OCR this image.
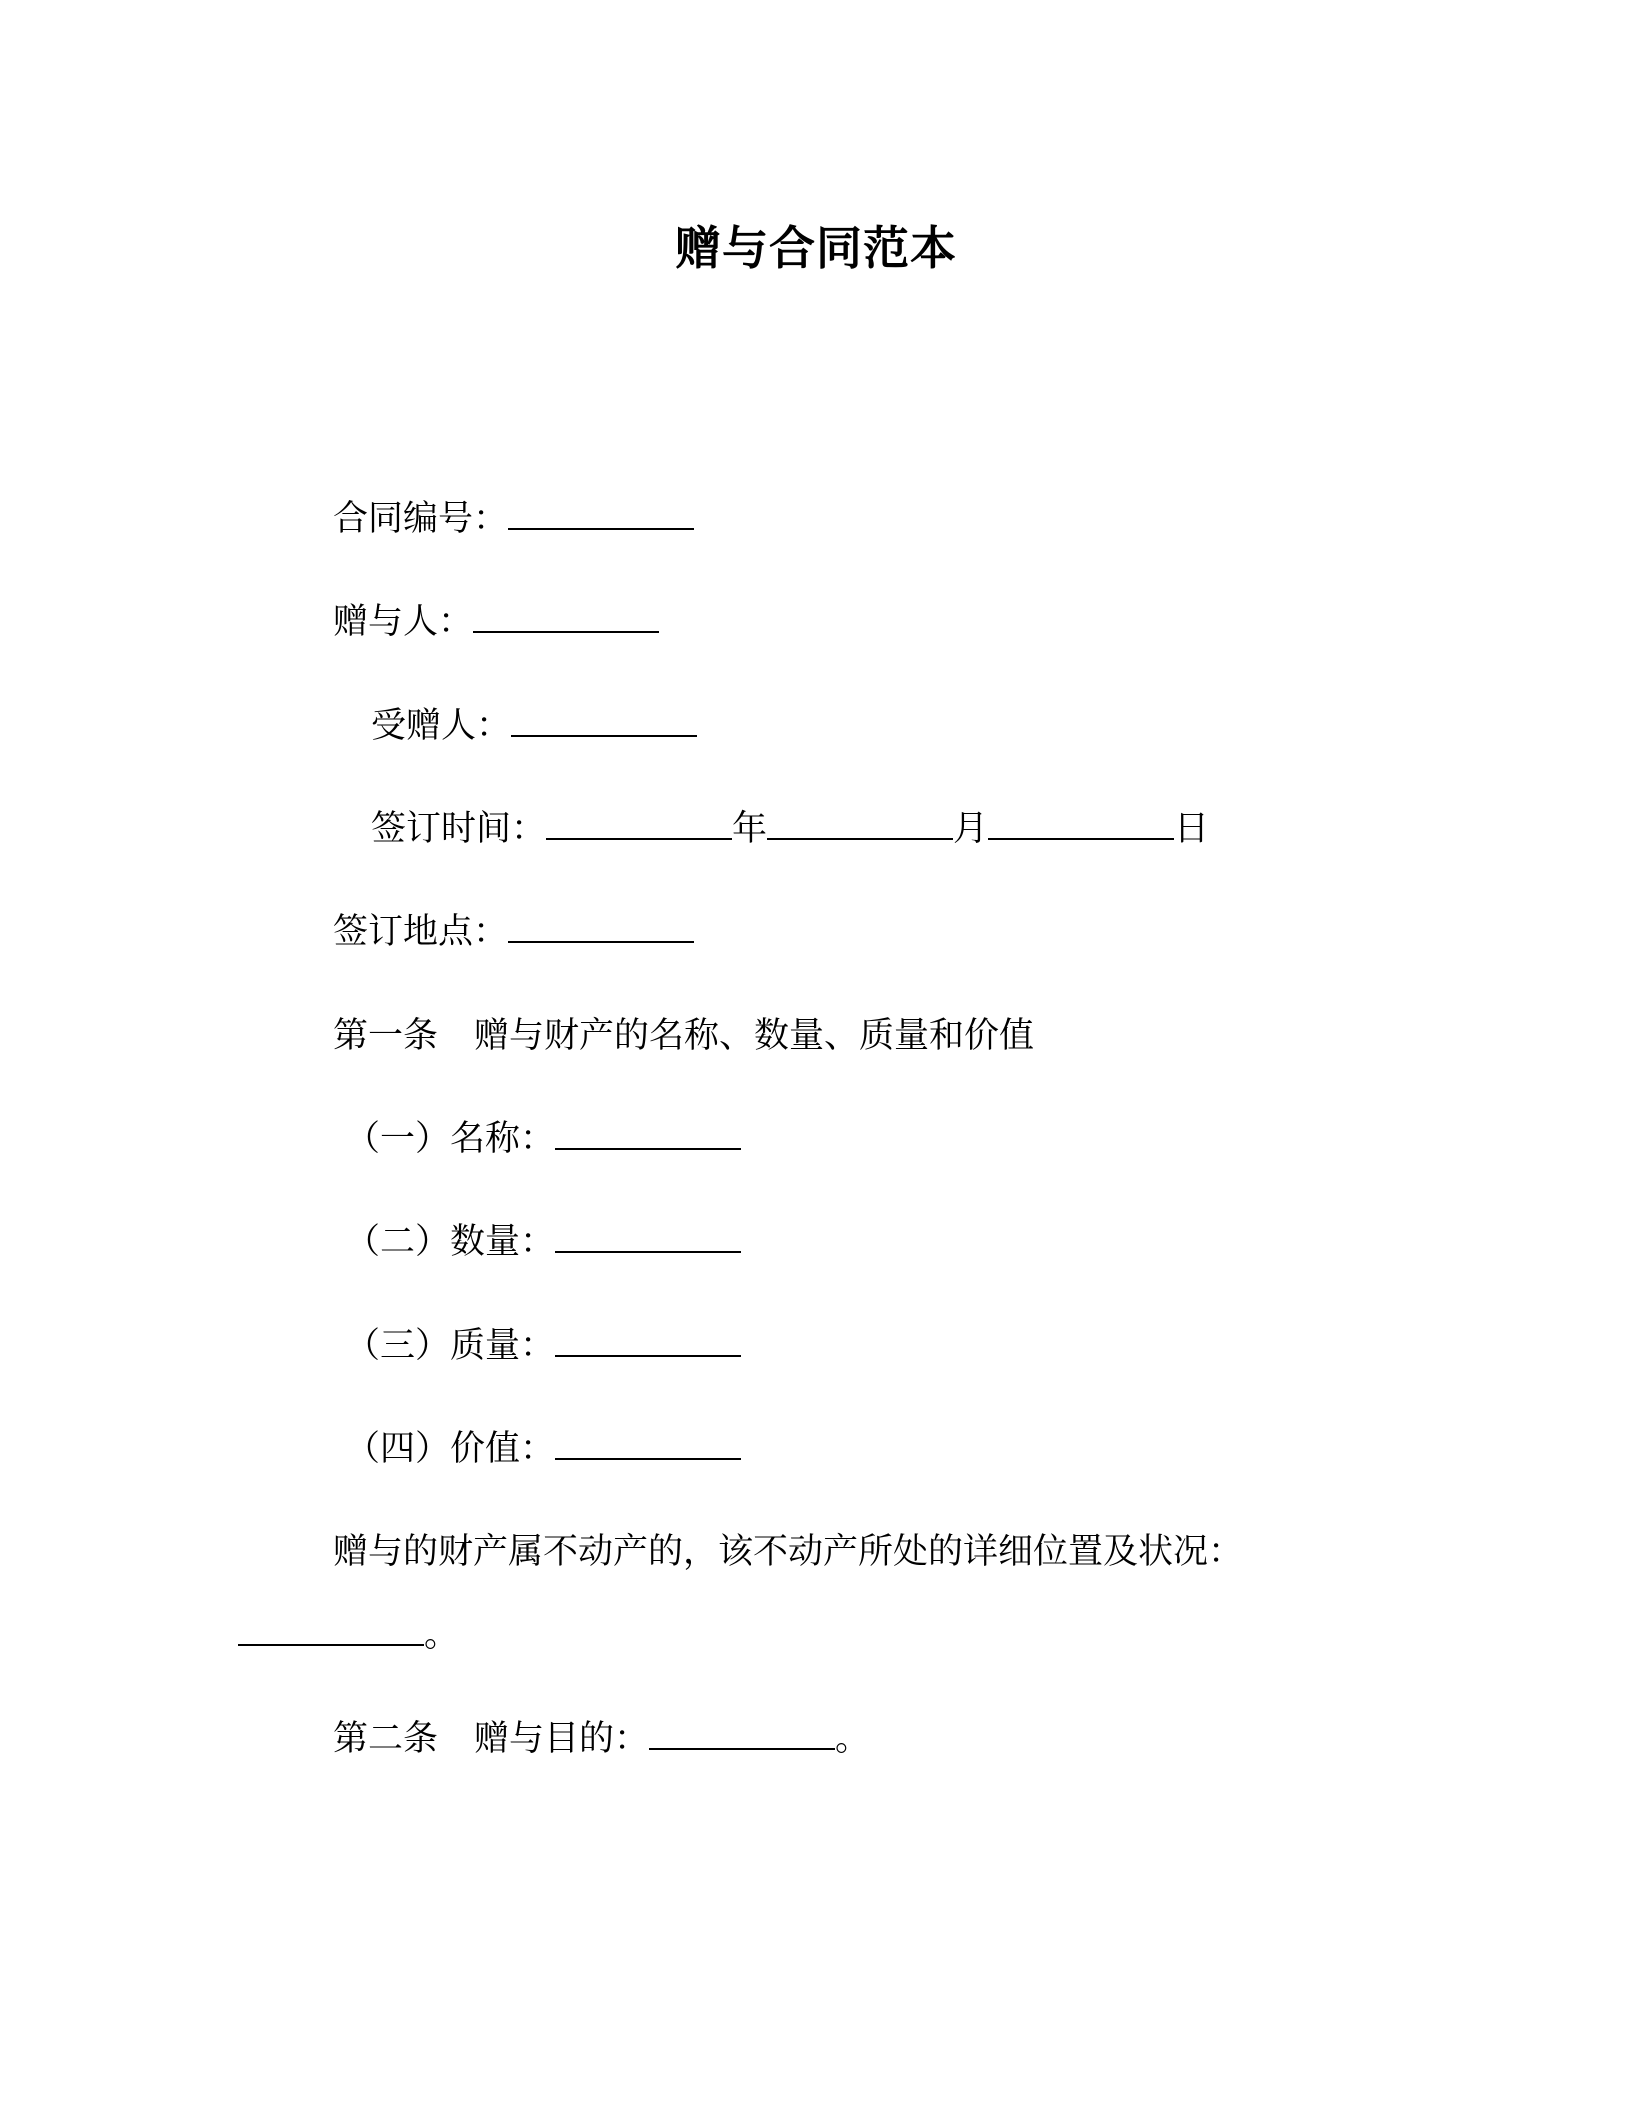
赠与合同范本
合同编号：
赠与人：
受赠人：
签订时间：	年	月	日
签订地点：
第一条 赠与财产的名称、数量、质量和价值
（一）名称：
（二）数量：
（三）质量：
（四）价值：
赠与的财产属不动产的，该不动产所处的详细位置及状况：
。
第二条 赠与目的：	。
